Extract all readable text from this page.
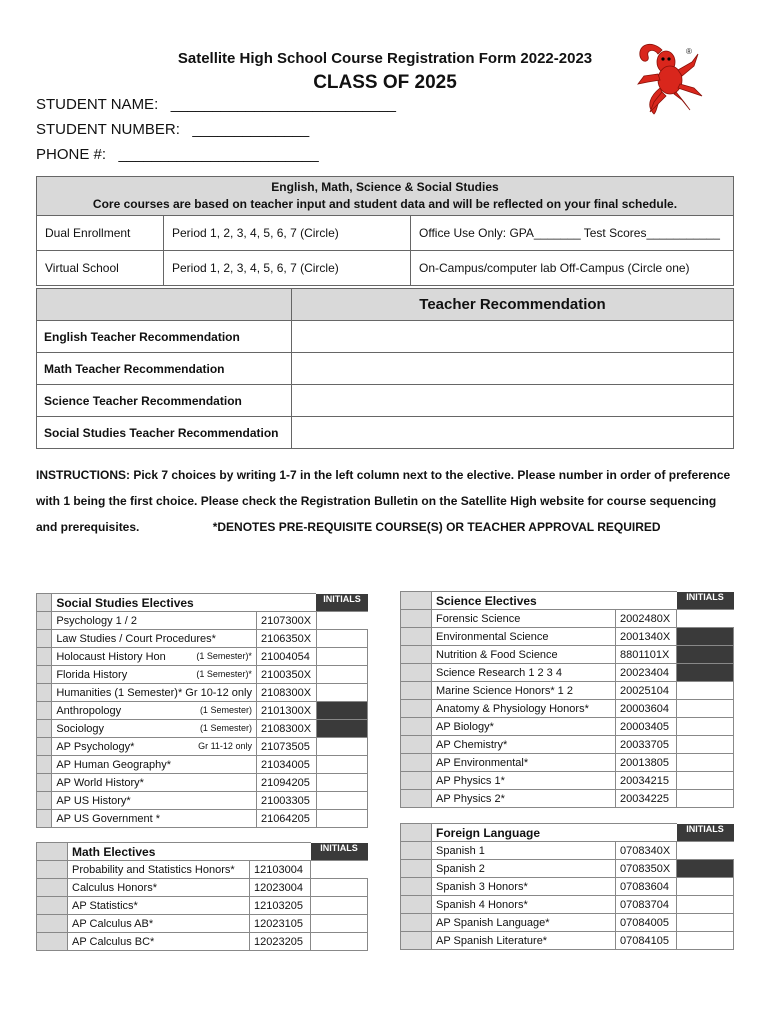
Satellite High School Course Registration Form 2022-2023
CLASS OF 2025
®
STUDENT NAME:   ___________________________
STUDENT NUMBER:   ______________
PHONE #:   ________________________
English, Math, Science & Social Studies
Core courses are based on teacher input and student data and will be reflected on your final schedule.		

Dual Enrollment	Period 1, 2, 3, 4, 5, 6, 7 (Circle)	Office Use Only: GPA_______ Test Scores___________
Virtual School	Period 1, 2, 3, 4, 5, 6, 7 (Circle)	On-Campus/computer lab Off-Campus (Circle one)
	Teacher Recommendation
English Teacher Recommendation	
Math Teacher Recommendation	
Science Teacher Recommendation	
Social Studies Teacher Recommendation	
INSTRUCTIONS: Pick 7 choices by writing 1-7 in the left column next to the elective. Please number in order of preference with 1 being the first choice. Please check the Registration Bulletin on the Satellite High website for course sequencing and prerequisites.	*DENOTES PRE-REQUISITE COURSE(S) OR TEACHER APPROVAL REQUIRED
	Social Studies Electives		INITIALS
	Psychology 1 / 2	2107300X	
	Law Studies / Court Procedures*	2106350X	
	Holocaust History Hon (1 Semester)*	21004054	
	Florida History (1 Semester)*	2100350X	
	Humanities (1 Semester)* Gr 10-12 only	2108300X	
	Anthropology (1 Semester)	2101300X	
	Sociology (1 Semester)	2108300X	
	AP Psychology* Gr 11-12 only	21073505	
	AP Human Geography*	21034005	
	AP World History*	21094205	
	AP US History*	21003305	
	AP US Government *	21064205	
	Math Electives		INITIALS
	Probability and Statistics Honors*	12103004	
	Calculus Honors*	12023004	
	AP Statistics*	12103205	
	AP Calculus AB*	12023105	
	AP Calculus BC*	12023205	
	Science Electives		INITIALS
	Forensic Science	2002480X	
	Environmental Science	2001340X	
	Nutrition & Food Science	8801101X	
	Science Research 1 2 3 4	20023404	
	Marine Science Honors* 1 2	20025104	
	Anatomy & Physiology Honors*	20003604	
	AP Biology*	20003405	
	AP Chemistry*	20033705	
	AP Environmental*	20013805	
	AP Physics 1*	20034215	
	AP Physics 2*	20034225	
	Foreign Language		INITIALS
	Spanish 1	0708340X	
	Spanish 2	0708350X	
	Spanish 3 Honors*	07083604	
	Spanish 4 Honors*	07083704	
	AP Spanish Language*	07084005	
	AP Spanish Literature*	07084105	
